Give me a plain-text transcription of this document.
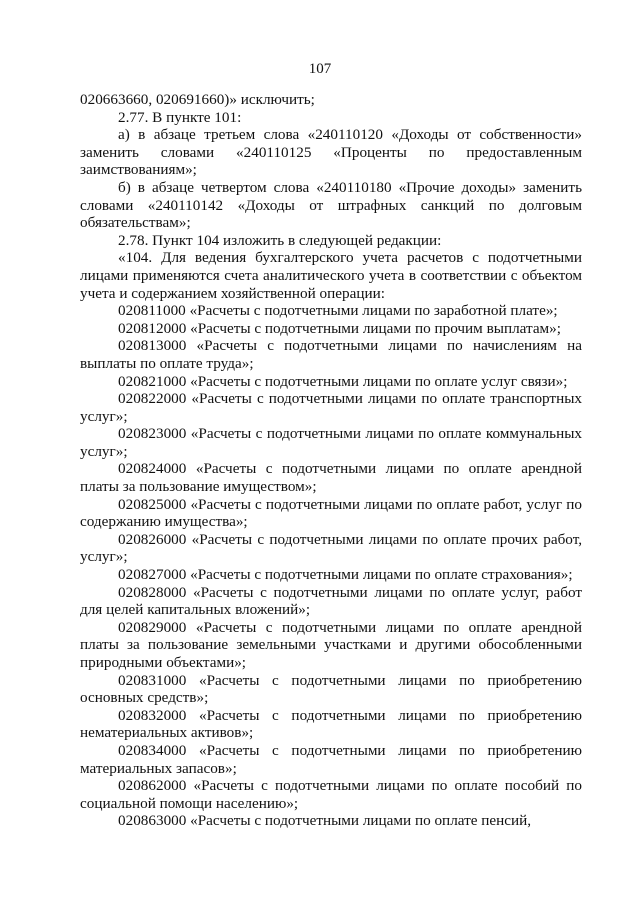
107

020663660, 020691660)» исключить;

2.77. В пункте 101:

а) в абзаце третьем слова «240110120 «Доходы от собственности» заменить словами «240110125 «Проценты по предоставленным заимствованиям»;

б) в абзаце четвертом слова «240110180 «Прочие доходы» заменить словами «240110142 «Доходы от штрафных санкций по долговым обязательствам»;

2.78. Пункт 104 изложить в следующей редакции:

«104. Для ведения бухгалтерского учета расчетов с подотчетными лицами применяются счета аналитического учета в соответствии с объектом учета и содержанием хозяйственной операции:

020811000 «Расчеты с подотчетными лицами по заработной плате»;

020812000 «Расчеты с подотчетными лицами по прочим выплатам»;

020813000 «Расчеты с подотчетными лицами по начислениям на выплаты по оплате труда»;

020821000 «Расчеты с подотчетными лицами по оплате услуг связи»;

020822000 «Расчеты с подотчетными лицами по оплате транспортных услуг»;

020823000 «Расчеты с подотчетными лицами по оплате коммунальных услуг»;

020824000 «Расчеты с подотчетными лицами по оплате арендной платы за пользование имуществом»;

020825000 «Расчеты с подотчетными лицами по оплате работ, услуг по содержанию имущества»;

020826000 «Расчеты с подотчетными лицами по оплате прочих работ, услуг»;

020827000 «Расчеты с подотчетными лицами по оплате страхования»;

020828000 «Расчеты с подотчетными лицами по оплате услуг, работ для целей капитальных вложений»;

020829000 «Расчеты с подотчетными лицами по оплате арендной платы за пользование земельными участками и другими обособленными природными объектами»;

020831000 «Расчеты с подотчетными лицами по приобретению основных средств»;

020832000 «Расчеты с подотчетными лицами по приобретению нематериальных активов»;

020834000 «Расчеты с подотчетными лицами по приобретению материальных запасов»;

020862000 «Расчеты с подотчетными лицами по оплате пособий по социальной помощи населению»;

020863000 «Расчеты с подотчетными лицами по оплате пенсий,
